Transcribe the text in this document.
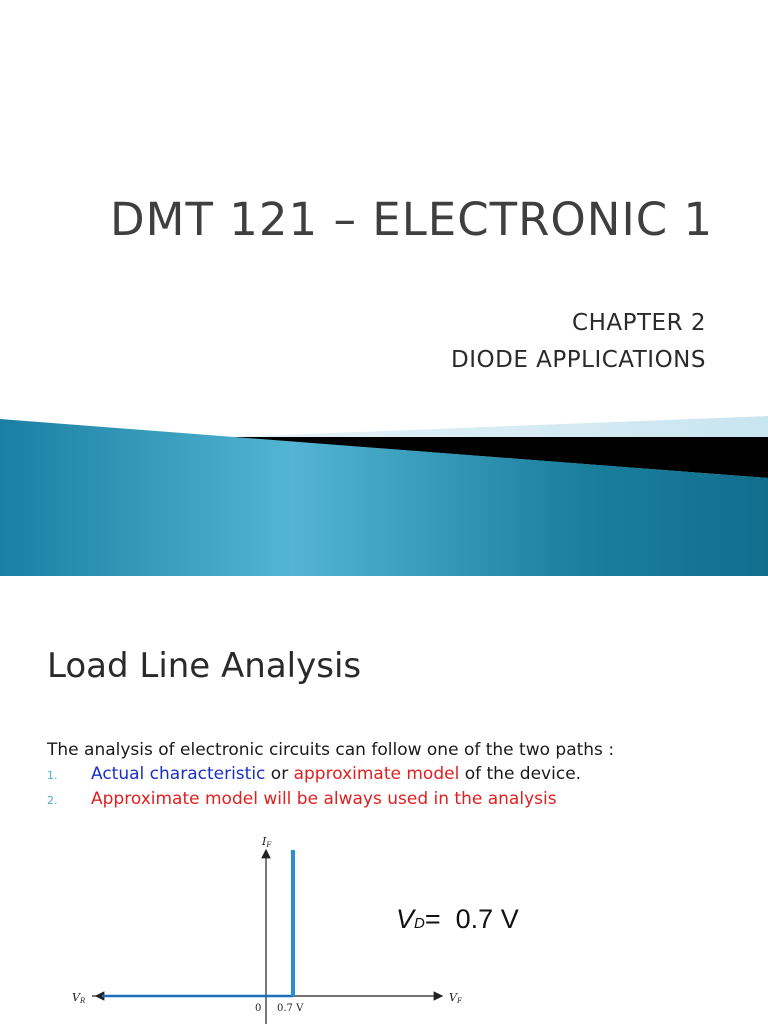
DMT 121 – ELECTRONIC 1
CHAPTER 2
DIODE APPLICATIONS
Load Line Analysis
The analysis of electronic circuits can follow one of the two paths :
1. Actual characteristic or approximate model of the device.
2. Approximate model will be always used in the analysis
IF
VF
VR
0 0.7 V
VD= 0.7 V
